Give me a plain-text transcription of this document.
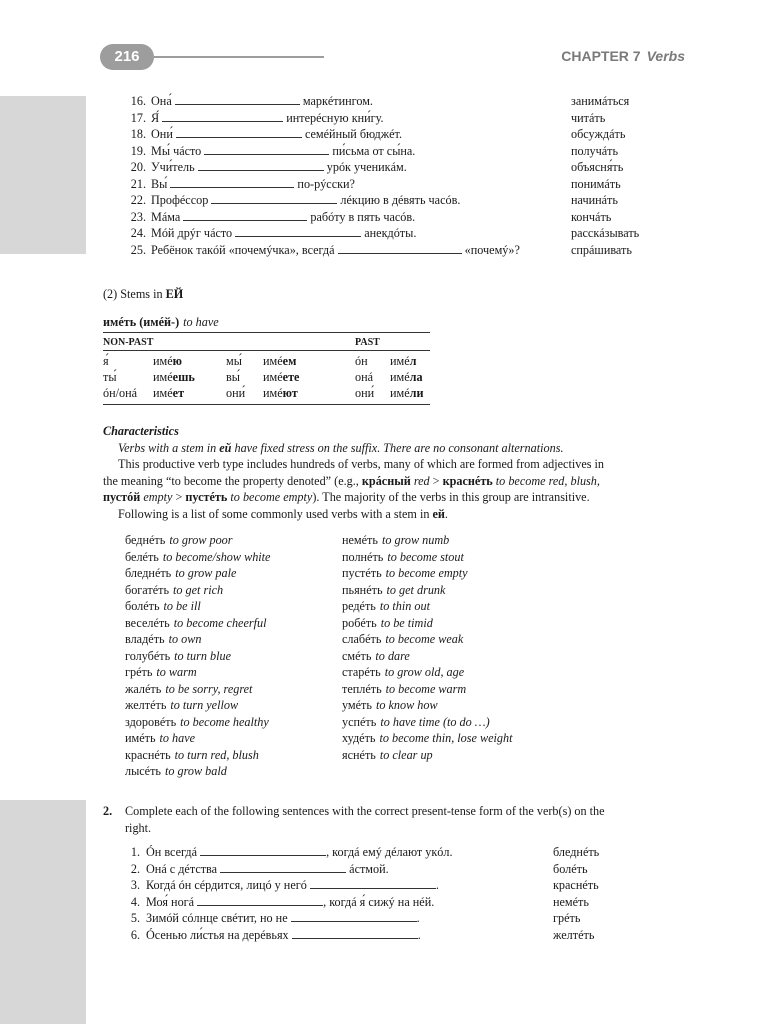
216	CHAPTER 7 Verbs
16. Она́	маркéтингом.	занимáться
17. Я́	интерéсную кни́гу.	читáть
18. Они́	семéйный бюджéт.	обсуждáть
19. Мы́ чáсто	пи́сьма от сы́на.	получáть
20. Учи́тель	урóк ученикáм.	объясня́ть
21. Вы́	по-рýсски?	понимáть
22. Профéссор	лéкцию в дéвять часóв.	начинáть
23. Мáма	рабóту в пять часóв.	кончáть
24. Мóй дрýг чáсто	анекдóты.	расскáзывать
25. Ребёнок такóй «почемýчка», всегдá	«почемý»?	спрáшивать
(2) Stems in ЕЙ
имéть (имéй-) to have
NON-PAST	PAST
я́	имéю	мы́ имéем	óн имéл
ты́	имéешь	вы́ имéете	онá имéла
óн/онá имéет	они́ имéют	они́ имéли
Characteristics
Verbs with a stem in ей have fixed stress on the suffix. There are no consonant alternations.
This productive verb type includes hundreds of verbs, many of which are formed from adjectives in
the meaning “to become the property denoted” (e.g., крáсный red > краснéть to become red, blush,
пустóй empty > пустéть to become empty). The majority of the verbs in this group are intransitive.
Following is a list of some commonly used verbs with a stem in ей.
беднéть to grow poor
белéть to become/show white
бледнéть to grow pale
богатéть to get rich
болéть to be ill
веселéть to become cheerful
владéть to own
голубéть to turn blue
грéть to warm
жалéть to be sorry, regret
желтéть to turn yellow
здоровéть to become healthy
имéть to have
краснéть to turn red, blush
лысéть to grow bald
немéть to grow numb
полнéть to become stout
пустéть to become empty
пьянéть to get drunk
редéть to thin out
робéть to be timid
слабéть to become weak
смéть to dare
старéть to grow old, age
теплéть to become warm
умéть to know how
успéть to have time (to do …)
худéть to become thin, lose weight
яснéть to clear up
2. Complete each of the following sentences with the correct present-tense form of the verb(s) on the
right.
1. Óн всегдá	, когдá емý дéлают укóл.	бледнéть
2. Онá с дéтства	áстмой.	болéть
3. Когдá óн сéрдится, лицó у негó	.	краснéть
4. Моя́ ногá	, когдá я́ сижý на нéй.	немéть
5. Зимóй сóлнце свéтит, но не	.	грéть
6. Óсенью ли́стья на дерéвьях	.	желтéть
